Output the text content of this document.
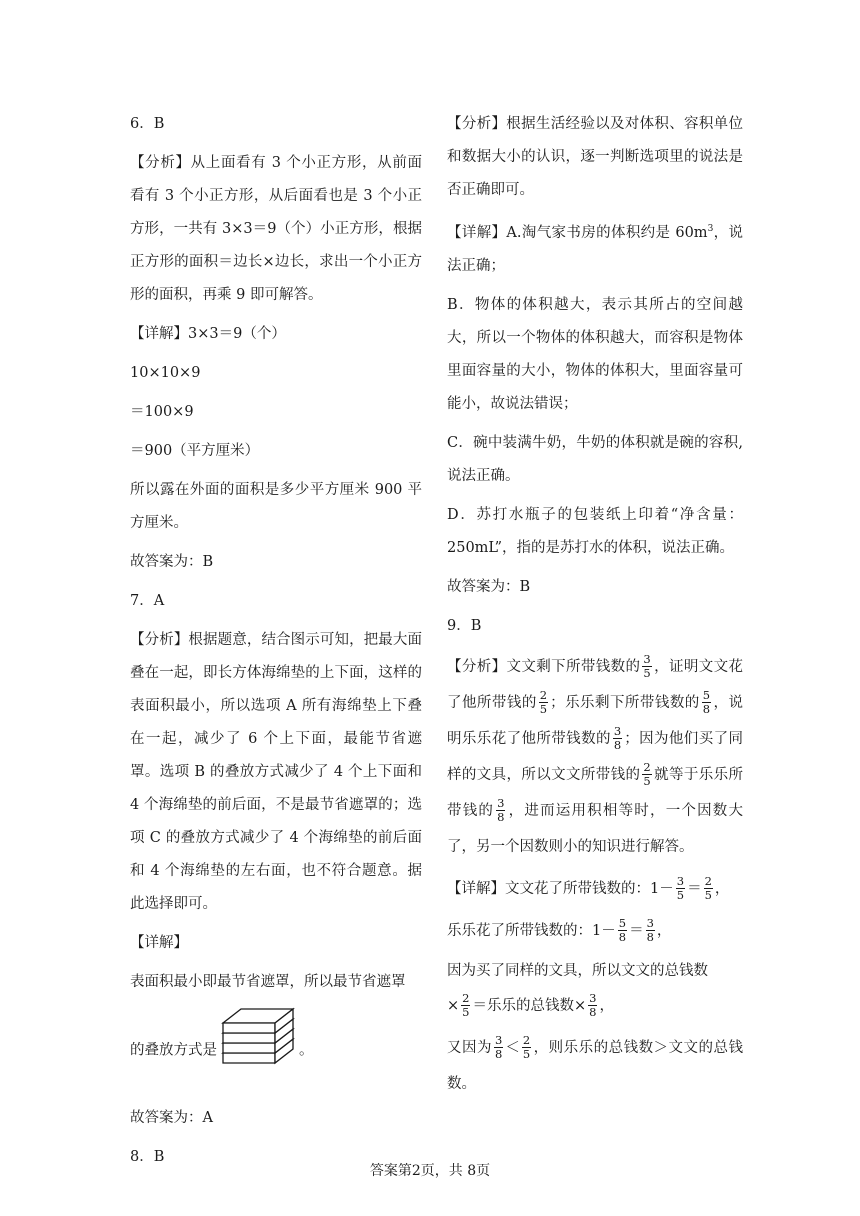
6．B

【分析】从上面看有 3 个小正方形，从前面看有 3 个小正方形，从后面看也是 3 个小正方形，一共有 3×3＝9（个）小正方形，根据正方形的面积＝边长×边长，求出一个小正方形的面积，再乘 9 即可解答。

【详解】3×3＝9（个）

10×10×9

＝100×9

＝900（平方厘米）

所以露在外面的面积是多少平方厘米 900 平方厘米。

故答案为：B

7．A

【分析】根据题意，结合图示可知，把最大面叠在一起，即长方体海绵垫的上下面，这样的表面积最小，所以选项 A 所有海绵垫上下叠在一起，减少了 6 个上下面，最能节省遮罩。选项 B 的叠放方式减少了 4 个上下面和 4 个海绵垫的前后面，不是最节省遮罩的；选项 C 的叠放方式减少了 4 个海绵垫的前后面和 4 个海绵垫的左右面，也不符合题意。据此选择即可。

【详解】

表面积最小即最节省遮罩，所以最节省遮罩

的叠放方式是	。

故答案为：A

8．B

【分析】根据生活经验以及对体积、容积单位和数据大小的认识，逐一判断选项里的说法是否正确即可。

【详解】A.淘气家书房的体积约是 $60m^3$，说法正确；

B．物体的体积越大，表示其所占的空间越大，所以一个物体的体积越大，而容积是物体里面容量的大小，物体的体积大，里面容量可能小，故说法错误；

C．碗中装满牛奶，牛奶的体积就是碗的容积,说法正确。

D．苏打水瓶子的包装纸上印着“净含量：250mL”，指的是苏打水的体积，说法正确。

故答案为：B

9．B

【分析】文文剩下所带钱数的 $\frac{3}{5}$ ，证明文文花了他所带钱的 $\frac{2}{5}$ ；乐乐剩下所带钱数的 $\frac{5}{8}$ ，说明乐乐花了他所带钱数的 $\frac{3}{8}$ ；因为他们买了同样的文具，所以文文所带钱的 $\frac{2}{5}$ 就等于乐乐所带钱的 $\frac{3}{8}$ ，进而运用积相等时，一个因数大了，另一个因数则小的知识进行解答。

【详解】文文花了所带钱数的：$1- \frac{3}{5} = \frac{2}{5}$ ，

乐乐花了所带钱数的：$1- \frac{5}{8} = \frac{3}{8}$ ，

因为买了同样的文具，所以文文的总钱数

× $\frac{2}{5}$ ＝乐乐的总钱数× $\frac{3}{8}$ ，

又因为 $\frac{3}{8} < \frac{2}{5}$ ，则乐乐的总钱数＞文文的总钱数。

答案第2页，共 8页
